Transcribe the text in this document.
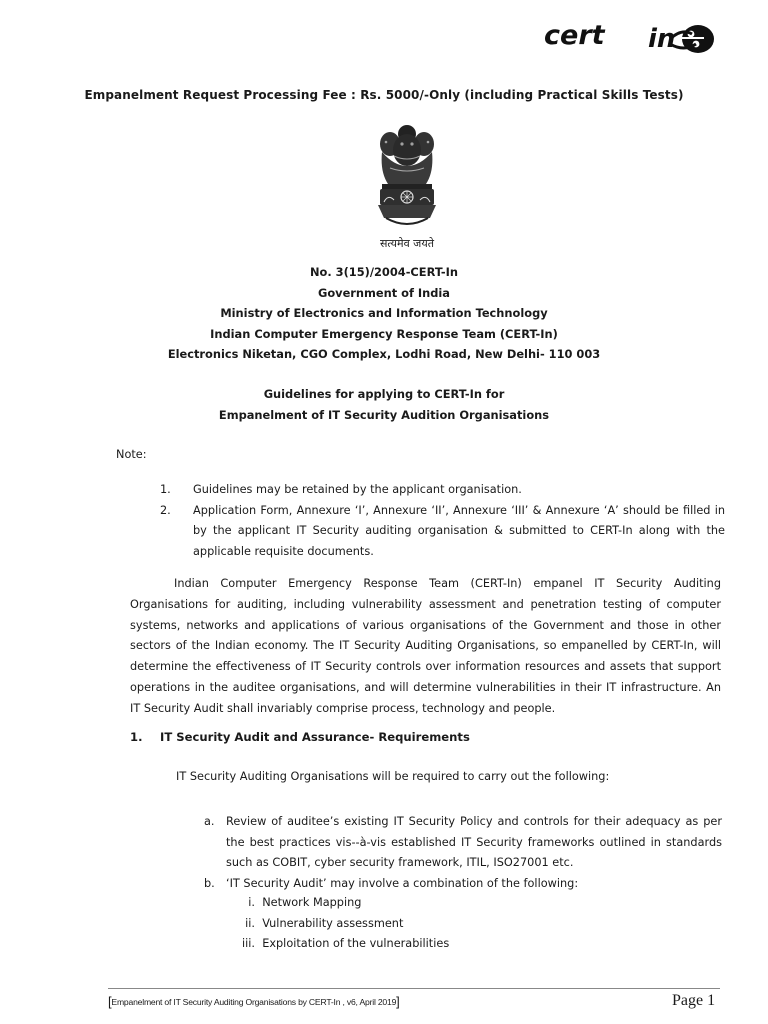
cert in
Empanelment Request Processing Fee : Rs. 5000/-Only (including Practical Skills Tests)
सत्यमेव जयते
No. 3(15)/2004-CERT-In
Government of India
Ministry of Electronics and Information Technology
Indian Computer Emergency Response Team (CERT-In)
Electronics Niketan, CGO Complex, Lodhi Road, New Delhi- 110 003
Guidelines for applying to CERT-In for
Empanelment of IT Security Audition Organisations
Note:
1.	Guidelines may be retained by the applicant organisation.
2.	Application Form, Annexure ‘I’, Annexure ‘II’, Annexure ‘III’ & Annexure ‘A’ should be filled in by the applicant IT Security auditing organisation & submitted to CERT-In along with the applicable requisite documents.
Indian Computer Emergency Response Team (CERT-In) empanel IT Security Auditing Organisations for auditing, including vulnerability assessment and penetration testing of computer systems, networks and applications of various organisations of the Government and those in other sectors of the Indian economy. The IT Security Auditing Organisations, so empanelled by CERT-In, will determine the effectiveness of IT Security controls over information resources and assets that support operations in the auditee organisations, and will determine vulnerabilities in their IT infrastructure. An IT Security Audit shall invariably comprise process, technology and people.
1. IT Security Audit and Assurance- Requirements
IT Security Auditing Organisations will be required to carry out the following:
a.	Review of auditee’s existing IT Security Policy and controls for their adequacy as per the best practices vis--à-vis established IT Security frameworks outlined in standards such as COBIT, cyber security framework, ITIL, ISO27001 etc.
b. ‘IT Security Audit’ may involve a combination of the following:
i. Network Mapping
ii. Vulnerability assessment
iii. Exploitation of the vulnerabilities
[Empanelment of IT Security Auditing Organisations by CERT-In , v6, April 2019]	Page 1
